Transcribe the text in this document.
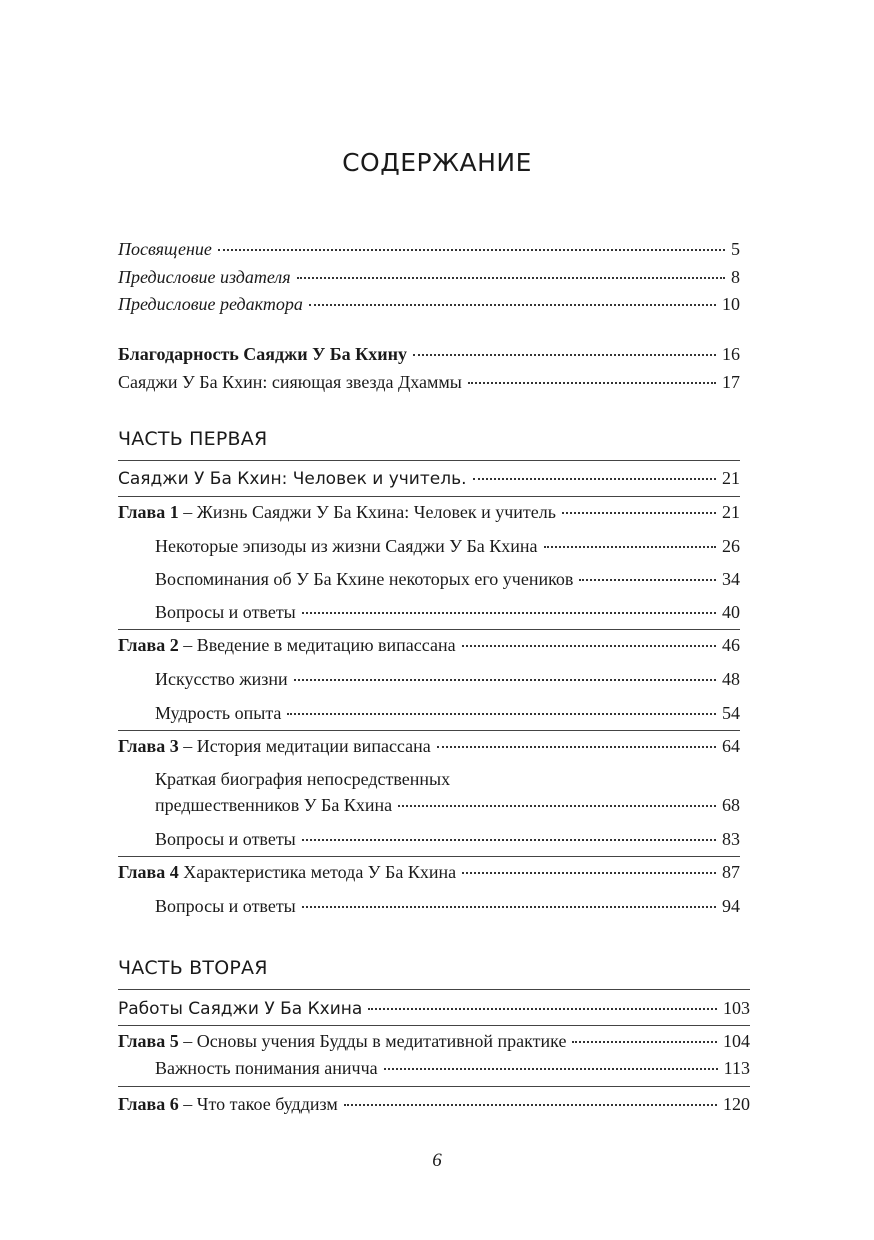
СОДЕРЖАНИЕ
Посвящение	5
Предисловие издателя	8
Предисловие редактора	10
Благодарность Саяджи У Ба Кхину	16
Саяджи У Ба Кхин: сияющая звезда Дхаммы	17
ЧАСТЬ ПЕРВАЯ
Саяджи У Ба Кхин: Человек и учитель.	21
Глава 1 – Жизнь Саяджи У Ба Кхина: Человек и учитель	21
Некоторые эпизоды из жизни Саяджи У Ба Кхина	26
Воспоминания об У Ба Кхине некоторых его учеников	34
Вопросы и ответы	40
Глава 2 – Введение в медитацию випассана	46
Искусство жизни	48
Мудрость опыта	54
Глава 3 – История медитации випассана	64
Краткая биография непосредственных
предшественников У Ба Кхина	68
Вопросы и ответы	83
Глава 4 Характеристика метода У Ба Кхина	87
Вопросы и ответы	94
ЧАСТЬ ВТОРАЯ
Работы Саяджи У Ба Кхина	103
Глава 5 – Основы учения Будды в медитативной практике	104
Важность понимания аничча	113
Глава 6 – Что такое буддизм	120
6
